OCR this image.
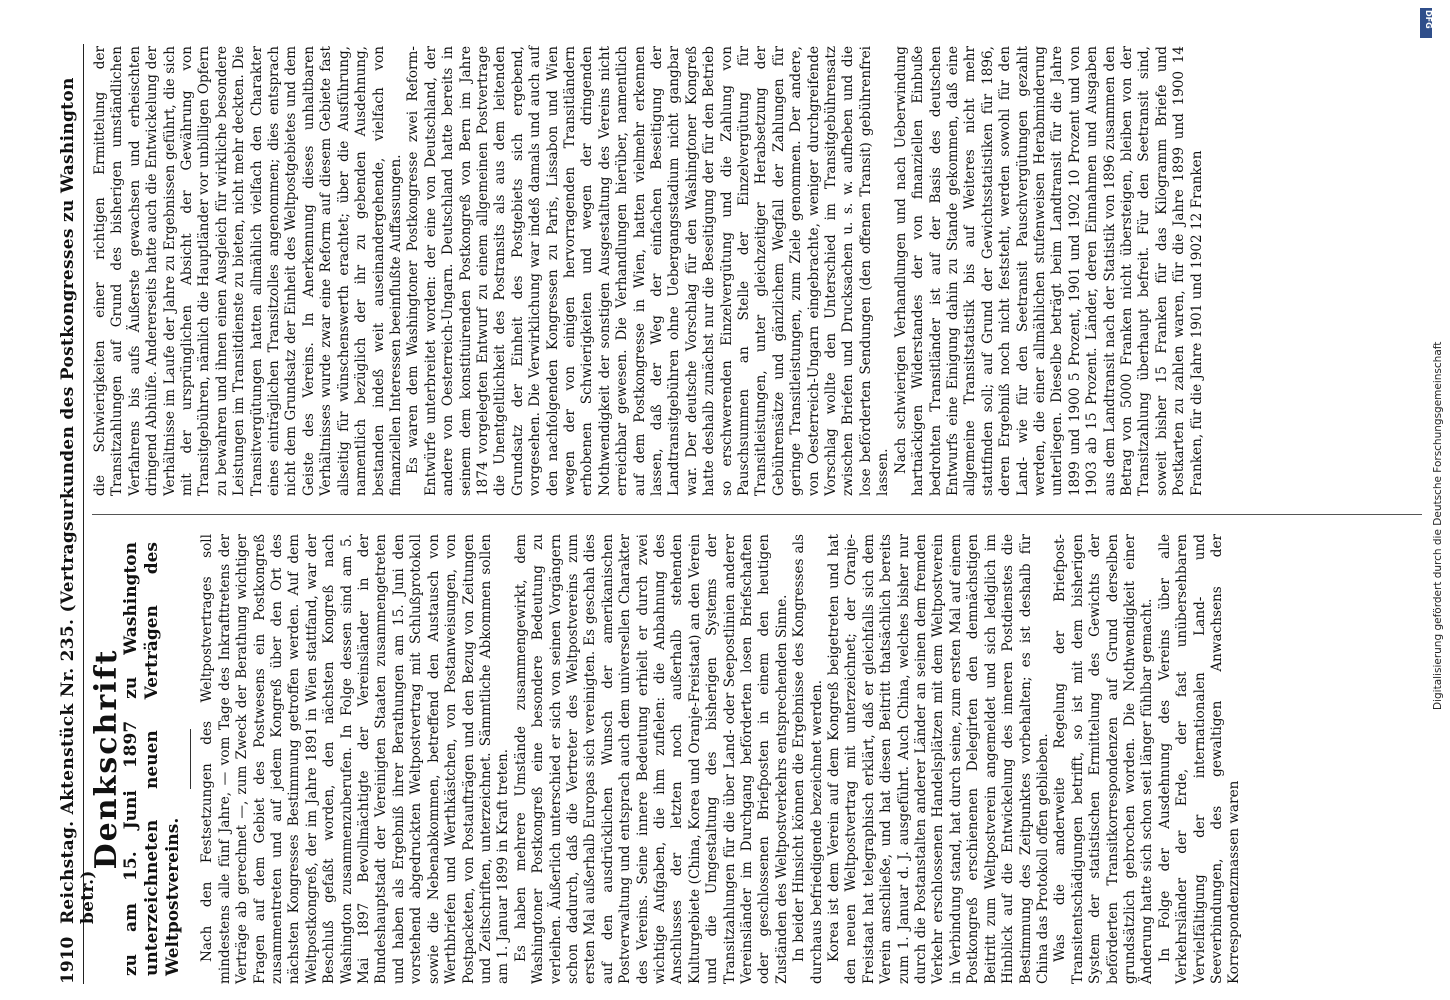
1910
Reichstag. Aktenstück Nr. 235. (Vertragsurkunden des Postkongresses zu Washington betr.)
Denkschrift
zu am 15. Juni 1897 zu Washington unterzeichneten neuen Verträgen des Weltpostvereins. Nach den Festsetzungen des Weltpostvertrages soll mindestens alle fünf Jahre, — vom Tage des Inkrafttretens der Verträge ab gerechnet —, zum Zweck der Berathung wichtiger Fragen auf dem Gebiet des Postwesens ein Postkongreß zusammentreten und auf jedem Kongreß über den Ort des nächsten Kongresses Bestimmung getroffen werden. Auf dem Weltpostkongreß, der im Jahre 1891 in Wien stattfand, war der Beschluß gefaßt worden, den nächsten Kongreß nach Washington zusammenzuberufen. In Folge dessen sind am 5. Mai 1897 Bevollmächtigte der Vereinsländer in der Bundeshauptstadt der Vereinigten Staaten zusammengetreten und haben als Ergebniß ihrer Berathungen am 15. Juni den vorstehend abgedruckten Weltpostvertrag mit Schlußprotokoll sowie die Nebenabkommen, betreffend den Austausch von Werthbriefen und Werthkästchen, von Postanweisungen, von Postpacketen, von Postaufträgen und den Bezug von Zeitungen und Zeitschriften, unterzeichnet. Sämmtliche Abkommen sollen am 1. Januar 1899 in Kraft treten. Es haben mehrere Umstände zusammengewirkt, dem Washingtoner Postkongreß eine besondere Bedeutung zu verleihen. Äußerlich unterschied er sich von seinen Vorgängern schon dadurch, daß die Vertreter des Weltpostvereins zum ersten Mal außerhalb Europas sich vereinigten. Es geschah dies auf den ausdrücklichen Wunsch der amerikanischen Postverwaltung und entsprach auch dem universellen Charakter des Vereins. Seine innere Bedeutung erhielt er durch zwei wichtige Aufgaben, die ihm zufielen: die Anbahnung des Anschlusses der letzten noch außerhalb stehenden Kulturgebiete (China, Korea und Oranje-Freistaat) an den Verein und die Umgestaltung des bisherigen Systems der Transitzahlungen für die über Land- oder Seepostlinien anderer Vereinsländer im Durchgang beförderten losen Briefschaften oder geschlossenen Briefposten in einem den heutigen Zuständen des Weltpostverkehrs entsprechenden Sinne. In beider Hinsicht können die Ergebnisse des Kongresses als durchaus befriedigende bezeichnet werden. Korea ist dem Verein auf dem Kongreß beigetreten und hat den neuen Weltpostvertrag mit unterzeichnet; der Oranje-Freistaat hat telegraphisch erklärt, daß er gleichfalls sich dem Verein anschließe, und hat diesen Beitritt thatsächlich bereits zum 1. Januar d. J. ausgeführt. Auch China, welches bisher nur durch die Postanstalten anderer Länder an seinen dem fremden Verkehr erschlossenen Handelsplätzen mit dem Weltpostverein in Verbindung stand, hat durch seine, zum ersten Mal auf einem Postkongreß erschienenen Delegirten den demnächstigen Beitritt zum Weltpostverein angemeldet und sich lediglich im Hinblick auf die Entwickelung des inneren Postdienstes die Bestimmung des Zeitpunktes vorbehalten; es ist deshalb für China das Protokoll offen geblieben. Was die anderweite Regelung der Briefpost-Transitentschädigungen betrifft, so ist mit dem bisherigen System der statistischen Ermittelung des Gewichts der beförderten Transitkorrespondenzen auf Grund derselben grundsätzlich gebrochen worden. Die Nothwendigkeit einer Änderung hatte sich schon seit länger fühlbar gemacht. In Folge der Ausdehnung des Vereins über alle Verkehrsländer der Erde, der fast unübersehbaren Vervielfältigung der internationalen Land- und Seeverbindungen, des gewaltigen Anwachsens der Korrespondenzmassen waren

die Schwierigkeiten einer richtigen Ermittelung der Transitzahlungen auf Grund des bisherigen umständlichen Verfahrens bis aufs Äußerste gewachsen und erheischten dringend Abhülfe. Andererseits hatte auch die Entwickelung der Verhältnisse im Laufe der Jahre zu Ergebnissen geführt, die sich mit der ursprünglichen Absicht der Gewährung von Transitgebühren, nämlich die Hauptländer vor unbilligen Opfern zu bewahren und ihnen einen Ausgleich für wirkliche besondere Leistungen im Transitdienste zu bieten, nicht mehr deckten. Die Transitvergütungen hatten allmählich vielfach den Charakter eines einträglichen Transitzolles angenommen; dies entsprach nicht dem Grundsatz der Einheit des Weltpostgebietes und dem Geiste des Vereins. In Anerkennung dieses unhaltbaren Verhältnisses wurde zwar eine Reform auf diesem Gebiete fast allseitig für wünschenswerth erachtet; über die Ausführung, namentlich bezüglich der ihr zu gebenden Ausdehnung, bestanden indeß weit auseinandergehende, vielfach von finanziellen Interessen beeinflußte Auffassungen. Es waren dem Washingtoner Postkongresse zwei Reform-Entwürfe unterbreitet worden: der eine von Deutschland, der andere von Oesterreich-Ungarn. Deutschland hatte bereits in seinem dem konstituirenden Postkongreß von Bern im Jahre 1874 vorgelegten Entwurf zu einem allgemeinen Postvertrage die Unentgeltlichkeit des Postransits als aus dem leitenden Grundsatz der Einheit des Postgebiets sich ergebend, vorgesehen. Die Verwirklichung war indeß damals und auch auf den nachfolgenden Kongressen zu Paris, Lissabon und Wien wegen der von einigen hervorragenden Transitländern erhobenen Schwierigkeiten und wegen der dringenden Nothwendigkeit der sonstigen Ausgestaltung des Vereins nicht erreichbar gewesen. Die Verhandlungen hierüber, namentlich auf dem Postkongresse in Wien, hatten vielmehr erkennen lassen, daß der Weg der einfachen Beseitigung der Landtransitgebühren ohne Uebergangsstadium nicht gangbar war. Der deutsche Vorschlag für den Washingtoner Kongreß hatte deshalb zunächst nur die Beseitigung der für den Betrieb so erschwerenden Einzelvergütung und die Zahlung von Pauschsummen an Stelle der Einzelvergütung für Transitleistungen, unter gleichzeitiger Herabsetzung der Gebührensätze und gänzlichem Wegfall der Zahlungen für geringe Transitleistungen, zum Ziele genommen. Der andere, von Oesterreich-Ungarn eingebrachte, weniger durchgreifende Vorschlag wollte den Unterschied im Transitgebührensatz zwischen Briefen und Drucksachen u. s. w. aufheben und die lose beförderten Sendungen (den offenen Transit) gebührenfrei lassen. Nach schwierigen Verhandlungen und nach Ueberwindung hartnäckigen Widerstandes der von finanziellen Einbuße bedrohten Transitländer ist auf der Basis des deutschen Entwurfs eine Einigung dahin zu Stande gekommen, daß eine allgemeine Transitstatistik bis auf Weiteres nicht mehr stattfinden soll; auf Grund der Gewichtsstatistiken für 1896, deren Ergebniß noch nicht feststeht, werden sowohl für den Land- wie für den Seetransit Pauschvergütungen gezahlt werden, die einer allmählichen stufenweisen Herabminderung unterliegen. Dieselbe beträgt beim Landtransit für die Jahre 1899 und 1900 5 Prozent, 1901 und 1902 10 Prozent und von 1903 ab 15 Prozent. Länder, deren Einnahmen und Ausgaben aus dem Landtransit nach der Statistik von 1896 zusammen den Betrag von 5000 Franken nicht übersteigen, bleiben von der Transitzahlung überhaupt befreit. Für den Seetransit sind, soweit bisher 15 Franken für das Kilogramm Briefe und Postkarten zu zahlen waren, für die Jahre 1899 und 1900 14 Franken, für die Jahre 1901 und 1902 12 Franken

Digitalisierung gefördert durch die Deutsche Forschungsgemeinschaft
DFG
